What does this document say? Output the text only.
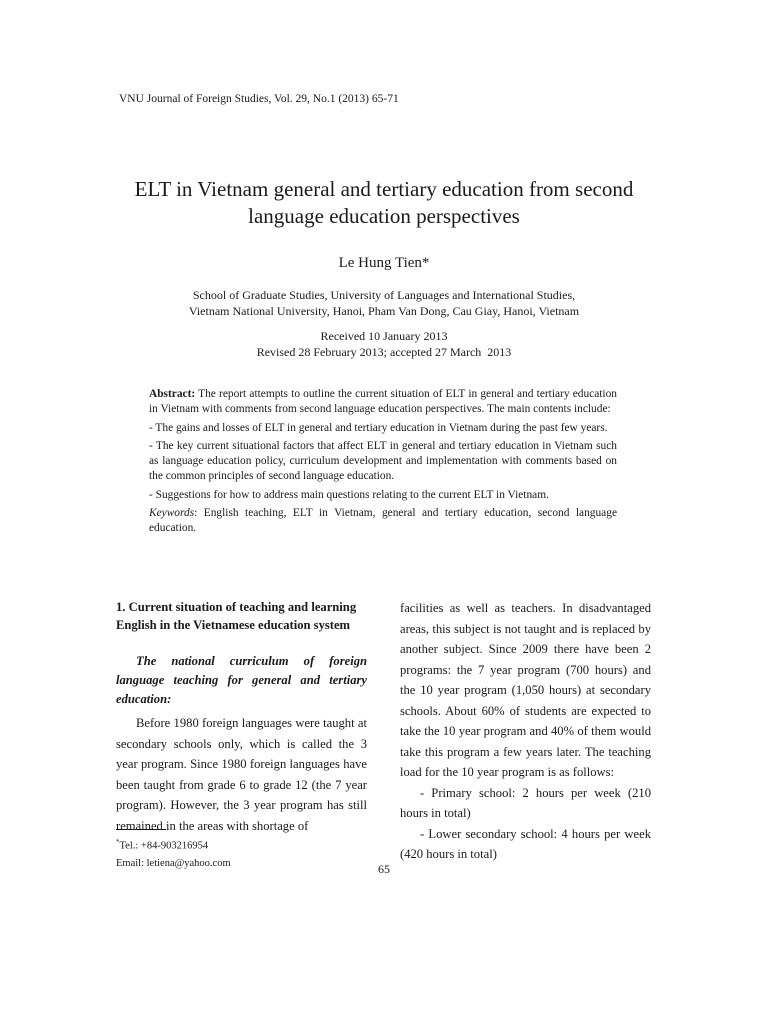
VNU Journal of Foreign Studies, Vol. 29, No.1 (2013) 65-71
ELT in Vietnam general and tertiary education from second
language education perspectives
Le Hung Tien*
School of Graduate Studies, University of Languages and International Studies,
Vietnam National University, Hanoi, Pham Van Dong, Cau Giay, Hanoi, Vietnam
Received 10 January 2013
Revised 28 February 2013; accepted 27 March  2013

Abstract: The report attempts to outline the current situation of ELT in general and tertiary education in Vietnam with comments from second language education perspectives. The main contents include:

- The gains and losses of ELT in general and tertiary education in Vietnam during the past few years.

- The key current situational factors that affect ELT in general and tertiary education in Vietnam such as language education policy, curriculum development and implementation with comments based on the common principles of second language education.

- Suggestions for how to address main questions relating to the current ELT in Vietnam.

Keywords: English teaching, ELT in Vietnam, general and tertiary education, second language education.

1. Current situation of teaching and learning English in the Vietnamese education system

The national curriculum of foreign language teaching for general and tertiary education:

Before 1980 foreign languages were taught at secondary schools only, which is called the 3 year program. Since 1980 foreign languages have been taught from grade 6 to grade 12 (the 7 year program). However, the 3 year program has still remained in the areas with shortage of

facilities as well as teachers. In disadvantaged areas, this subject is not taught and is replaced by another subject. Since 2009 there have been 2 programs: the 7 year program (700 hours) and the 10 year program (1,050 hours) at secondary schools. About 60% of students are expected to take the 10 year program and 40% of them would take this program a few years later. The teaching load for the 10 year program is as follows:

- Primary school: 2 hours per week (210 hours in total)

- Lower secondary school: 4 hours per week (420 hours in total)

*Tel.: +84-903216954
Email: letiena@yahoo.com	65
